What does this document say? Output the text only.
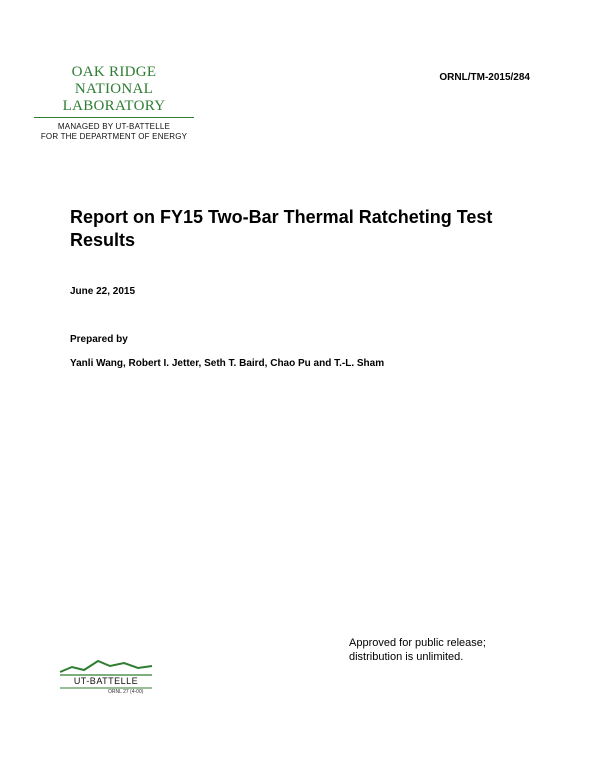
OAK RIDGE
NATIONAL LABORATORY
MANAGED BY UT-BATTELLE
FOR THE DEPARTMENT OF ENERGY
ORNL/TM-2015/284
Report on FY15 Two-Bar Thermal Ratcheting Test Results
June 22, 2015
Prepared by
Yanli Wang, Robert I. Jetter, Seth T. Baird, Chao Pu and T.-L. Sham
Approved for public release;
distribution is unlimited.
UT-BATTELLE
ORNL 27 (4-00)
